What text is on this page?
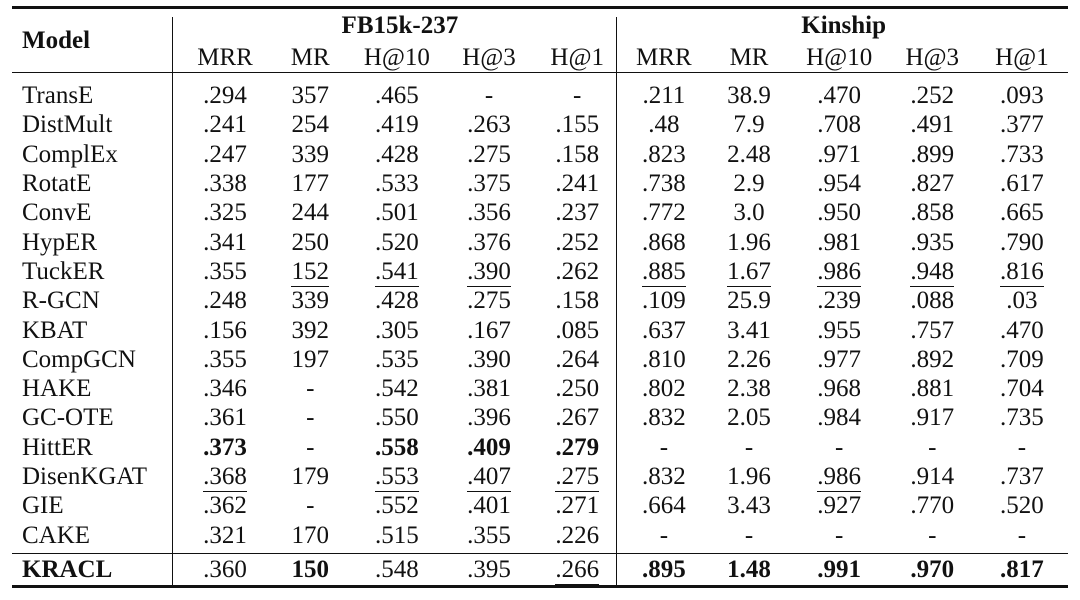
Model
FB15k-237	Kinship
MRR	MR	H@10	H@3	H@1	MRR	MR	H@10	H@3	H@1
TransE	.294	357	.465	-	-	.211	38.9	.470	.252	.093
DistMult	.241	254	.419	.263	.155	.48	7.9	.708	.491	.377
ComplEx	.247	339	.428	.275	.158	.823	2.48	.971	.899	.733
RotatE	.338	177	.533	.375	.241	.738	2.9	.954	.827	.617
ConvE	.325	244	.501	.356	.237	.772	3.0	.950	.858	.665
HypER	.341	250	.520	.376	.252	.868	1.96	.981	.935	.790
TuckER	.355	152	.541	.390	.262	.885	1.67	.986	.948	.816
R-GCN	.248	339	.428	.275	.158	.109	25.9	.239	.088	.03
KBAT	.156	392	.305	.167	.085	.637	3.41	.955	.757	.470
CompGCN	.355	197	.535	.390	.264	.810	2.26	.977	.892	.709
HAKE	.346	-	.542	.381	.250	.802	2.38	.968	.881	.704
GC-OTE	.361	-	.550	.396	.267	.832	2.05	.984	.917	.735
HittER	.373	-	.558	.409	.279	-	-	-	-	-
DisenKGAT	.368	179	.553	.407	.275	.832	1.96	.986	.914	.737
GIE	.362	-	.552	.401	.271	.664	3.43	.927	.770	.520
CAKE	.321	170	.515	.355	.226	-	-	-	-	-
KRACL	.360	150	.548	.395	.266	.895	1.48	.991	.970	.817
